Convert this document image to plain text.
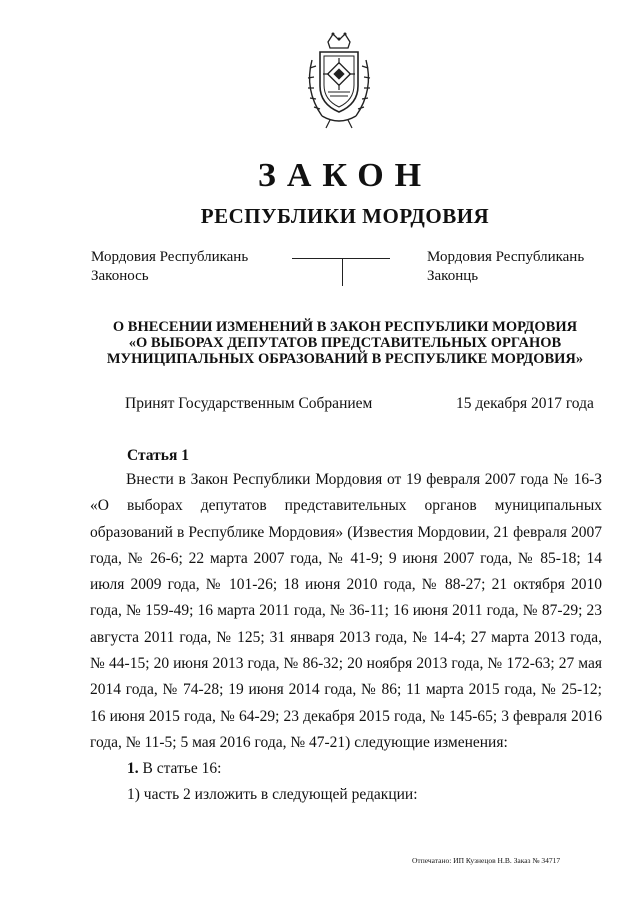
ЗАКОН
РЕСПУБЛИКИ МОРДОВИЯ
Мордовия Республикань
Законось
Мордовия Республикань
Законць
О ВНЕСЕНИИ ИЗМЕНЕНИЙ В ЗАКОН РЕСПУБЛИКИ МОРДОВИЯ
«О ВЫБОРАХ ДЕПУТАТОВ ПРЕДСТАВИТЕЛЬНЫХ ОРГАНОВ
МУНИЦИПАЛЬНЫХ ОБРАЗОВАНИЙ В РЕСПУБЛИКЕ МОРДОВИЯ»
Принят Государственным Собранием	15 декабря 2017 года
Статья 1
Внести в Закон Республики Мордовия от 19 февраля 2007 года № 16-З «О выборах депутатов представительных органов муниципальных образований в Республике Мордовия» (Известия Мордовии, 21 февраля 2007 года, № 26-6; 22 марта 2007 года, № 41-9; 9 июня 2007 года, № 85-18; 14 июля 2009 года, № 101-26; 18 июня 2010 года, № 88-27; 21 октября 2010 года, № 159-49; 16 марта 2011 года, № 36-11; 16 июня 2011 года, № 87-29; 23 августа 2011 года, № 125; 31 января 2013 года, № 14-4; 27 марта 2013 года, № 44-15; 20 июня 2013 года, № 86-32; 20 ноября 2013 года, № 172-63; 27 мая 2014 года, № 74-28; 19 июня 2014 года, № 86; 11 марта 2015 года, № 25-12; 16 июня 2015 года, № 64-29; 23 декабря 2015 года, № 145-65; 3 февраля 2016 года, № 11-5; 5 мая 2016 года, № 47-21) следующие изменения:
1. В статье 16:
1) часть 2 изложить в следующей редакции:
Отпечатано: ИП Кузнецов Н.В. Заказ № 34717
